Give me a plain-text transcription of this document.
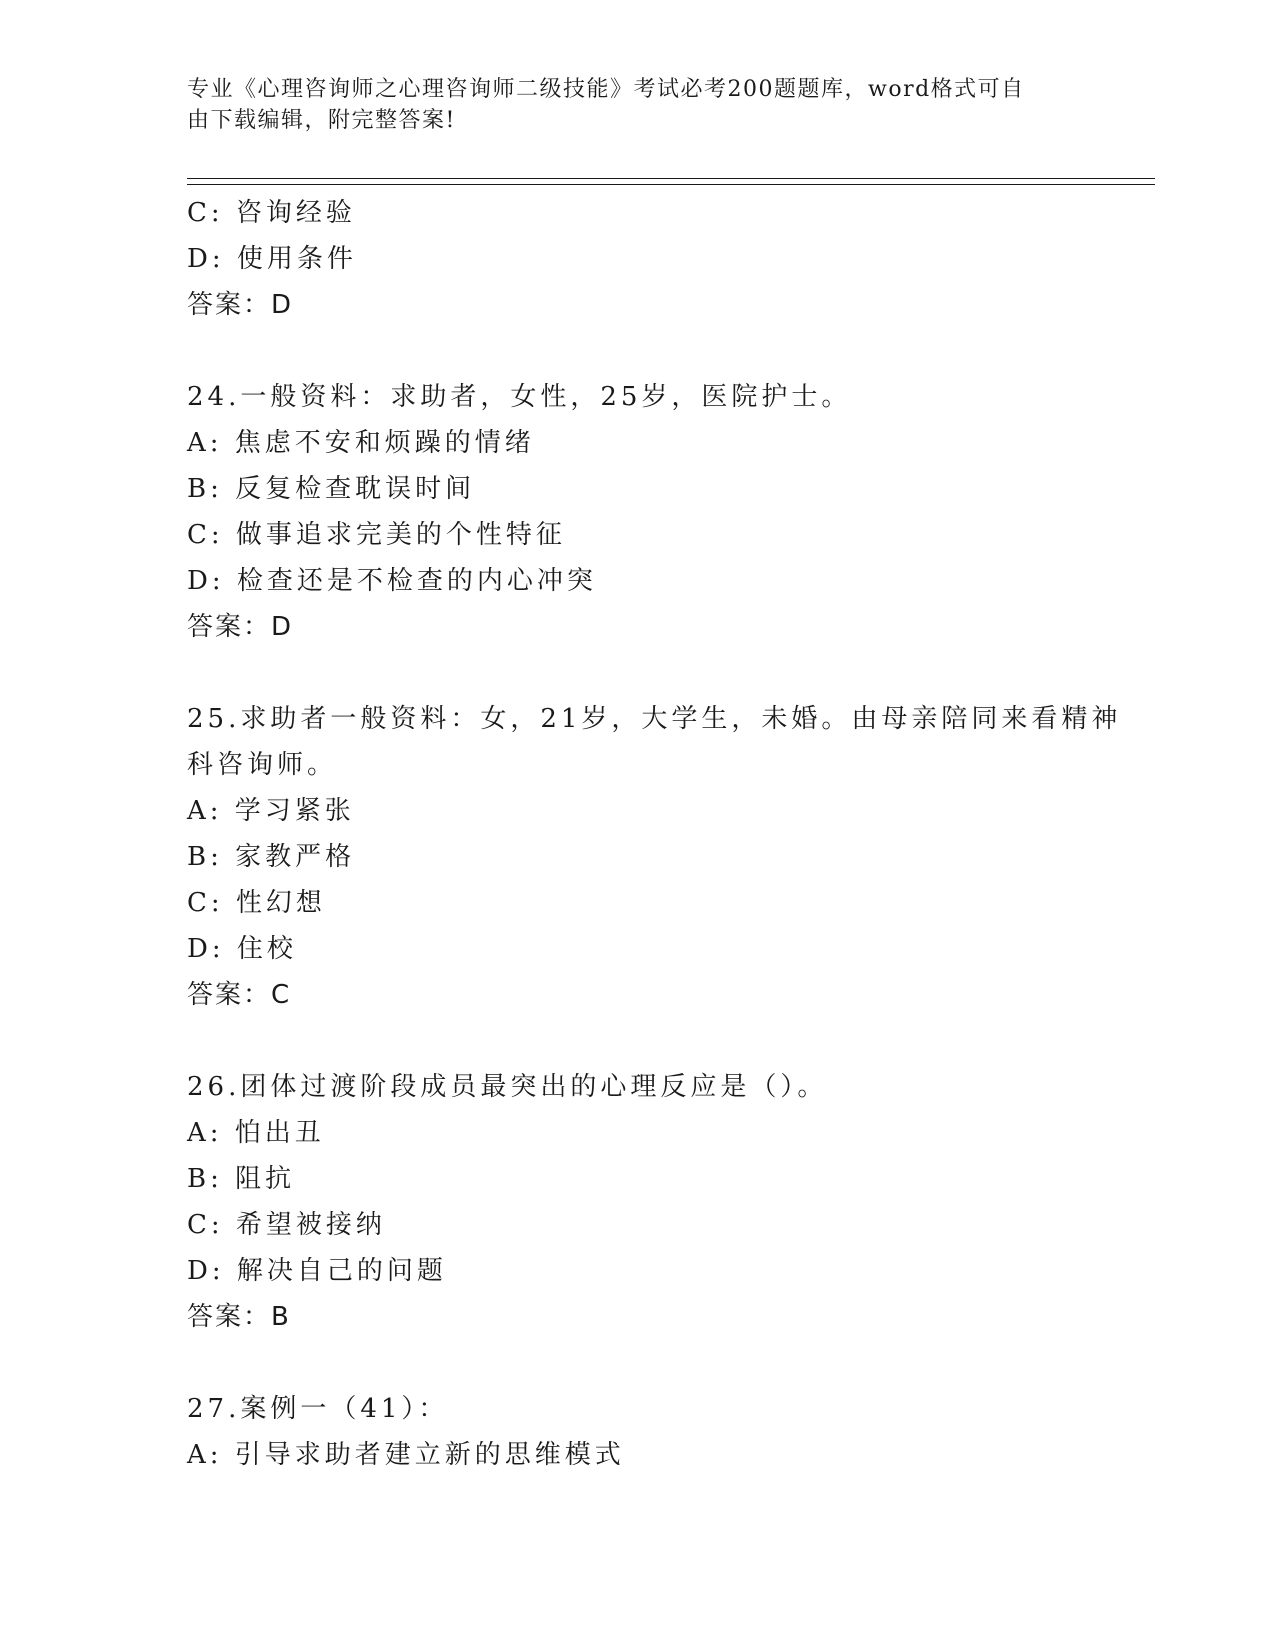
专业《心理咨询师之心理咨询师二级技能》考试必考200题题库，word格式可自
由下载编辑，附完整答案!
C: 咨询经验
D: 使用条件
答案：D
24.一般资料：求助者，女性，25岁，医院护士。
A: 焦虑不安和烦躁的情绪
B: 反复检查耽误时间
C: 做事追求完美的个性特征
D: 检查还是不检查的内心冲突
答案：D
25.求助者一般资料：女，21岁，大学生，未婚。由母亲陪同来看精神
科咨询师。
A: 学习紧张
B: 家教严格
C: 性幻想
D: 住校
答案：C
26.团体过渡阶段成员最突出的心理反应是（）。
A: 怕出丑
B: 阻抗
C: 希望被接纳
D: 解决自己的问题
答案：B
27.案例一（41）：
A: 引导求助者建立新的思维模式
